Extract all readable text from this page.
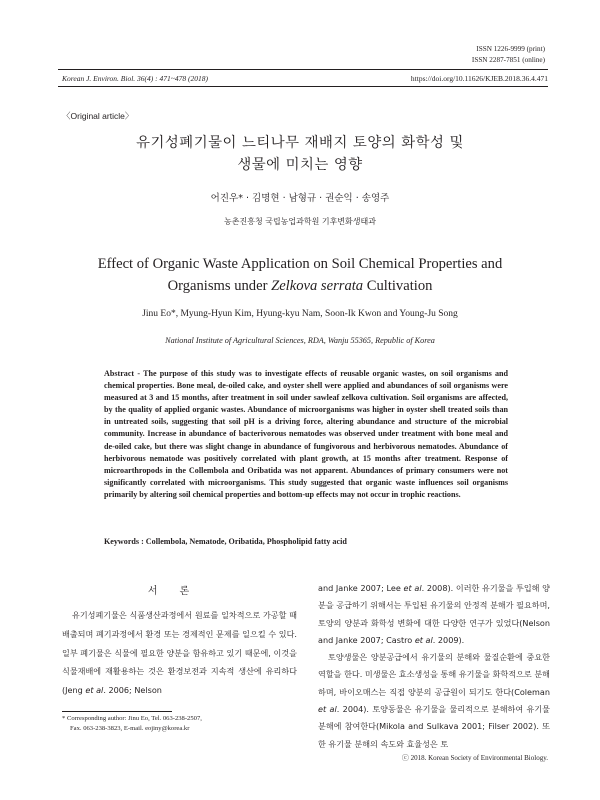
ISSN 1226-9999 (print)
ISSN 2287-7851 (online)
Korean J. Environ. Biol. 36(4) : 471~478 (2018)	https://doi.org/10.11626/KJEB.2018.36.4.471
〈Original article〉
유기성폐기물이 느티나무 재배지 토양의 화학성 및
생물에 미치는 영향
어진우* · 김명현 · 남형규 · 권순익 · 송영주
농촌진흥청 국립농업과학원 기후변화생태과
Effect of Organic Waste Application on Soil Chemical Properties and
Organisms under Zelkova serrata Cultivation
Jinu Eo*, Myung-Hyun Kim, Hyung-kyu Nam, Soon-Ik Kwon and Young-Ju Song
National Institute of Agricultural Sciences, RDA, Wanju 55365, Republic of Korea
Abstract - The purpose of this study was to investigate effects of reusable organic wastes, on soil organisms and chemical properties. Bone meal, de-oiled cake, and oyster shell were applied and abundances of soil organisms were measured at 3 and 15 months, after treatment in soil under sawleaf zelkova cultivation. Soil organisms are affected, by the quality of applied organic wastes. Abundance of microorganisms was higher in oyster shell treated soils than in untreated soils, suggesting that soil pH is a driving force, altering abundance and structure of the microbial community. Increase in abundance of bacterivorous nematodes was observed under treatment with bone meal and de-oiled cake, but there was slight change in abundance of fungivorous and herbivorous nematodes. Abundance of herbivorous nematode was positively correlated with plant growth, at 15 months after treatment. Response of microarthropods in the Collembola and Oribatida was not apparent. Abundances of primary consumers were not significantly correlated with microorganisms. This study suggested that organic waste influences soil organisms primarily by altering soil chemical properties and bottom-up effects may not occur in trophic reactions.
Keywords : Collembola, Nematode, Oribatida, Phospholipid fatty acid
서론

유기성폐기물은 식품생산과정에서 원료를 일차적으로 가공할 때 배출되며 폐기과정에서 환경 또는 경제적인 문제를 일으킬 수 있다. 일부 폐기물은 식물에 필요한 양분을 함유하고 있기 때문에, 이것을 식물재배에 재활용하는 것은 환경보전과 지속적 생산에 유리하다(Jeng et al. 2006; Nelson

and Janke 2007; Lee et al. 2008). 이러한 유기물을 투입해 양분을 공급하기 위해서는 투입된 유기물의 안정적 분해가 필요하며, 토양의 양분과 화학성 변화에 대한 다양한 연구가 있었다(Nelson and Janke 2007; Castro et al. 2009).

토양생물은 양분공급에서 유기물의 분해와 물질순환에 중요한 역할을 한다. 미생물은 효소생성을 통해 유기물을 화학적으로 분해하며, 바이오매스는 직접 양분의 공급원이 되기도 한다(Coleman et al. 2004). 토양동물은 유기물을 물리적으로 분해하여 유기물 분해에 참여한다(Mikola and Sulkava 2001; Filser 2002). 또한 유기물 분해의 속도와 효율성은 토

* Corresponding author: Jinu Eo, Tel. 063-238-2507,
Fax. 063-238-3823, E-mail. eojiny@korea.kr
ⓒ 2018. Korean Society of Environmental Biology.
